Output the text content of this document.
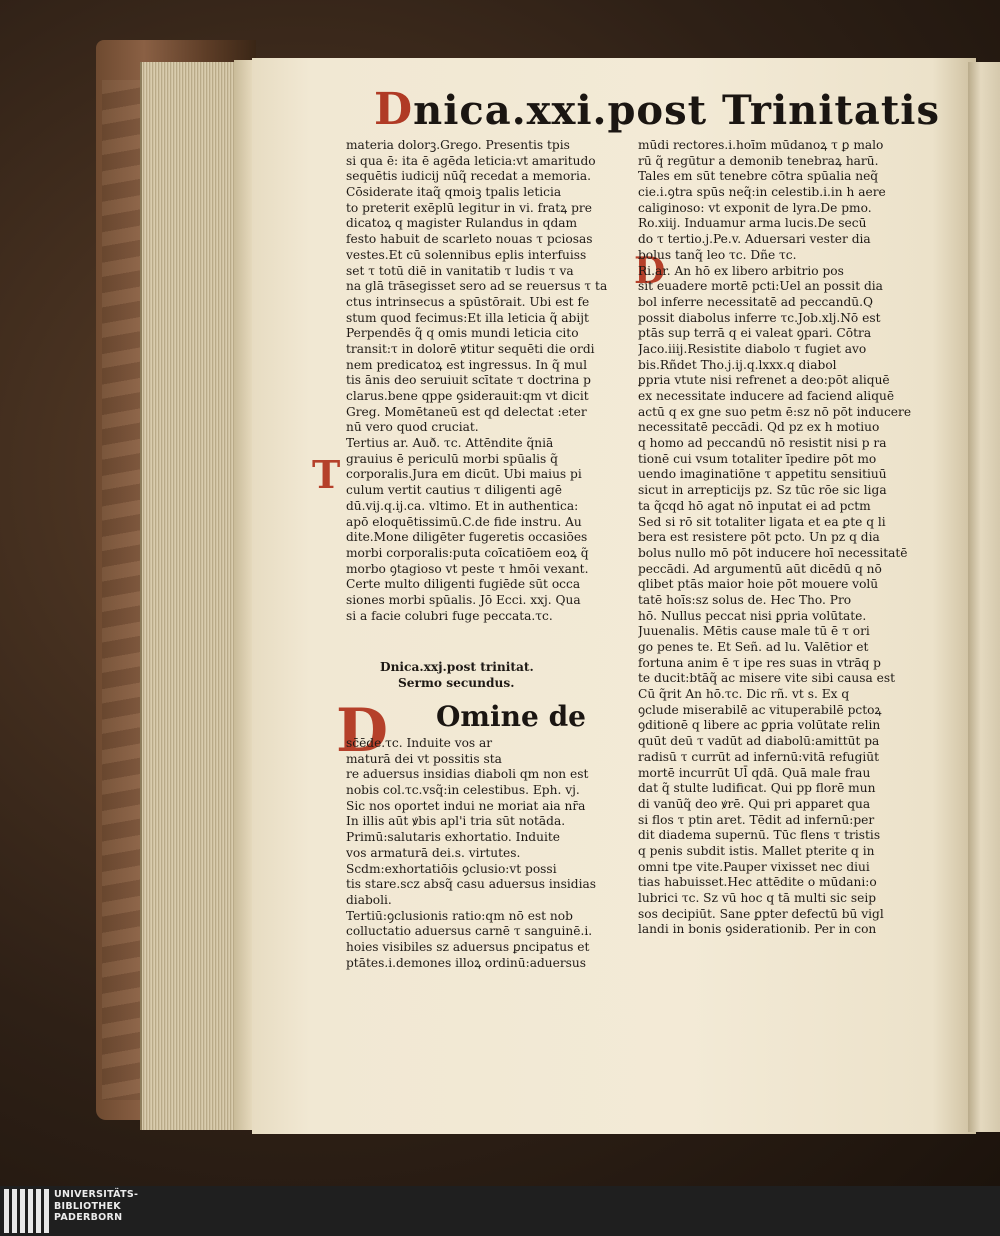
Dnica.xxi.post Trinitatis
T
D
materia dolorꝫ.Grego. Presentis tpis
si qua ē: ita ē agēda leticia:vt amaritudo
sequētis iudicij nūq̃ recedat a memoria.
Cōsiderate itaq̃ qmoiꝫ tpalis leticia
to preterit exēplū legitur in vi. fratꝝ pre
dicatoꝝ q magister Rulandus in qdam
festo habuit de scarleto nouas τ pciosas
vestes.Et cū solennibus eplis interfuiss
set τ totū diē in vanitatib τ ludis τ va
na glā trāsegisset sero ad se reuersus τ ta
ctus intrinsecus a spūstōrait. Ubi est fe
stum quod fecimus:Et illa leticia q̃ abijt
Perpendēs q̃ q omis mundi leticia cito
transit:τ in dolorē ꝟtitur sequēti die ordi
nem predicatoꝝ est ingressus. In q̃ mul
tis ānis deo seruiuit scītate τ doctrina p
clarus.bene qppe ꝯsiderauit:qm vt dicit
Greg. Momētaneū est qd delectat :eter
nū vero quod cruciat.
Tertius ar. Auð. τc. Attēndite q̃niā
grauius ē periculū morbi spūalis q̃
corporalis.Jura em dicūt. Ubi maius pi
culum vertit cautius τ diligenti agē
dū.vij.q.ij.ca. vltimo. Et in authentica:
apō eloquētissimū.C.de fide instru. Au
dite.Mone diligēter fugeretis occasiōes
morbi corporalis:puta coīcatiōem eoꝝ q̃
morbo ꝯtagioso vt peste τ hmōi vexant.
Certe multo diligenti fugiēde sūt occa
siones morbi spūalis. Jō Ecci. xxj. Qua
si a facie colubri fuge peccata.τc.
mūdi rectores.i.hoīm mūdanoꝝ τ ꝑ malo
rū q̃ regūtur a demonib tenebraꝝ harū.
Tales em sūt tenebre cōtra spūalia neq̃
cie.i.ꝯtra spūs neq̃:in celestib.i.in h aere
caliginoso: vt exponit de lyra.De pmo.
Ro.xiij. Induamur arma lucis.De secū
do τ tertio.j.Pe.v. Aduersari vester dia
bolus tanq̃ leo τc. Dñe τc.
Ri.ar. An hō ex libero arbitrio pos
sit euadere mortē pcti:Uel an possit dia
bol inferre necessitatē ad peccandū.Q
possit diabolus inferre τc.Job.xlj.Nō est
ptās sup terrā q ei valeat ꝯpari. Cōtra
Jaco.iiij.Resistite diabolo τ fugiet avo
bis.Rñdet Tho.j.ij.q.lxxx.q diabol
ꝑpria vtute nisi refrenet a deo:pōt aliquē
ex necessitate inducere ad faciend aliquē
actū q ex gne suo petm ē:sz nō pōt inducere
necessitatē peccādi. Qd pz ex h motiuo
q homo ad peccandū nō resistit nisi p ra
tionē cui vsum totaliter īpedire pōt mo
uendo imaginatiōne τ appetitu sensitiuū
sicut in arrepticijs pz. Sz tūc rōe sic liga
ta q̃cqd hō agat nō inputat ei ad pctm
Sed si rō sit totaliter ligata et ea ꝑte q li
bera est resistere pōt pcto. Un pz q dia
bolus nullo mō pōt inducere hoī necessitatē
peccādi. Ad argumentū aūt dicēdū q nō
qlibet ptās maior hoie pōt mouere volū
tatē hoīs:sz solus de. Hec Tho. Pro
hō. Nullus peccat nisi ꝑpria volūtate.
Juuenalis. Mētis cause male tū ē τ ori
go penes te. Et Señ. ad lu. Valētior et
fortuna anim ē τ ipe res suas in vtrāq p
te ducit:btāq̃ ac misere vite sibi causa est
Cū q̃rit An hō.τc. Dic rñ. vt s. Ex q
ꝯclude miserabilē ac vituperabilē pctoꝝ
ꝯditionē q libere ac ꝑpria volūtate relin
quūt deū τ vadūt ad diabolū:amittūt pa
radisū τ currūt ad infernū:vitā refugiūt
mortē incurrūt Ul̄ qdā. Quā male frau
dat q̃ stulte ludificat. Qui pp florē mun
di vanūq̃ deo ꝟrē. Qui pri apparet qua
si flos τ ptin aret. Tēdit ad infernū:per
dit diadema supernū. Tūc flens τ tristis
q penis subdit istis. Mallet pterite q in
omni tpe vite.Pauper vixisset nec diui
tias habuisset.Hec attēdite o mūdani:o
lubrici τc. Sz vū hoc q tā multi sic seip
sos decipiūt. Sane ꝑpter defectū bū vigl
landi in bonis ꝯsiderationib. Per in con
Dnica.xxj.post trinitat.
Sermo secundus.
D	Omine de
sc̄ēde.τc. Induite vos ar
maturā dei vt possitis sta
re aduersus insidias diaboli qm non est
nobis col.τc.vsq̃:in celestibus. Eph. vj.
Sic nos oportet indui ne moriat aia nr̄a
In illis aūt ꝟbis apl'i tria sūt notāda.
Primū:salutaris exhortatio. Induite
vos armaturā dei.s. virtutes.
Scdm:exhortatiōis ꝯclusio:vt possi
tis stare.scz absq̃ casu aduersus insidias
diaboli.
Tertiū:ꝯclusionis ratio:qm nō est nob
colluctatio aduersus carnē τ sanguinē.i.
hoies visibiles sz aduersus ꝑncipatus et
ptātes.i.demones illoꝝ ordinū:aduersus
UNIVERSITÄTS-
BIBLIOTHEK
PADERBORN
